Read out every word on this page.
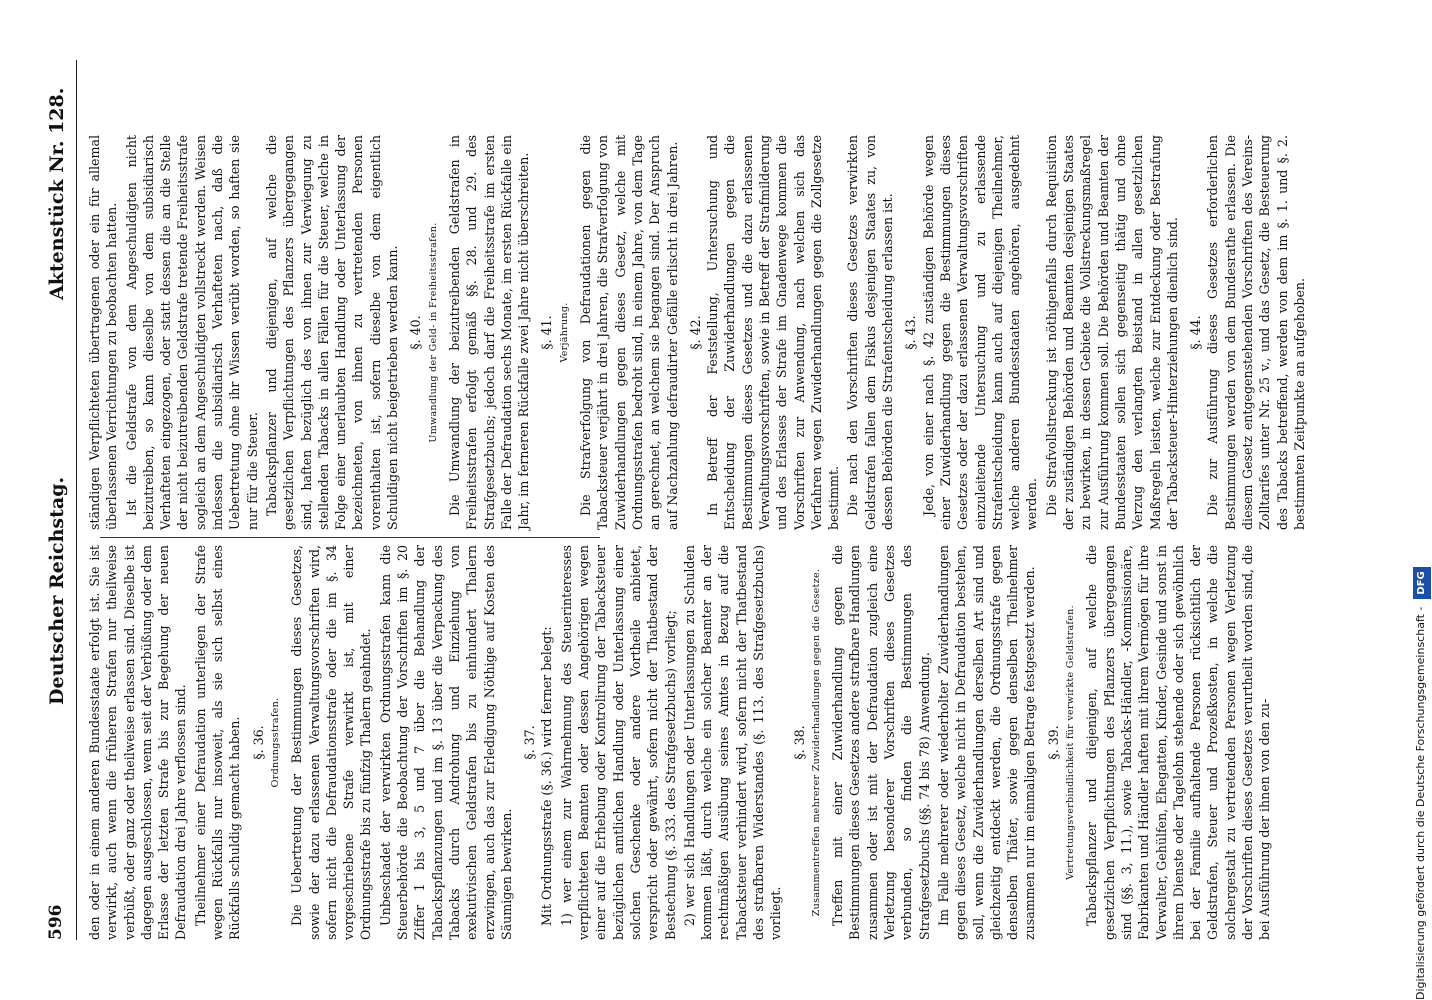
596
Deutscher Reichstag.
Aktenstück Nr. 128.

den oder in einem anderen Bundesstaate erfolgt ist. Sie ist verwirkt, auch wenn die früheren Strafen nur theilweise verbüßt, oder ganz oder theilweise erlassen sind. Dieselbe ist dagegen ausgeschlossen, wenn seit der Verbüßung oder dem Erlasse der letzten Strafe bis zur Begehung der neuen Defraudation drei Jahre verflossen sind. Theilnehmer einer Defraudation unterliegen der Strafe wegen Rückfalls nur insoweit, als sie sich selbst eines Rückfalls schuldig gemacht haben. §. 36. Ordnungsstrafen. Die Uebertretung der Bestimmungen dieses Gesetzes, sowie der dazu erlassenen Verwaltungsvorschriften wird, sofern nicht die Defraudationsstrafe oder die im §. 34 vorgeschriebene Strafe verwirkt ist, mit einer Ordnungsstrafe bis zu fünfzig Thalern geahndet. Unbeschadet der verwirkten Ordnungsstrafen kann die Steuerbehörde die Beobachtung der Vorschriften im §. 20 Ziffer 1 bis 3, 5 und 7 über die Behandlung der Tabackspflanzungen und im §. 13 über die Verpackung des Tabacks durch Androhung und Einziehung von exekutivischen Geldstrafen bis zu einhundert Thalern erzwingen, auch das zur Erledigung Nöthige auf Kosten des Säumigen bewirken.

§. 37. Mit Ordnungsstrafe (§. 36.) wird ferner belegt: 1) wer einem zur Wahrnehmung des Steuerinteresses verpflichteten Beamten oder dessen Angehörigen wegen einer auf die Erhebung oder Kontrolirung der Tabacksteuer bezüglichen amtlichen Handlung oder Unterlassung einer solchen Geschenke oder andere Vortheile anbietet, verspricht oder gewährt, sofern nicht der Thatbestand der Bestechung (§. 333. des Strafgesetzbuchs) vorliegt; 2) wer sich Handlungen oder Unterlassungen zu Schulden kommen läßt, durch welche ein solcher Beamter an der rechtmäßigen Ausübung seines Amtes in Bezug auf die Tabacksteuer verhindert wird, sofern nicht der Thatbestand des strafbaren Widerstandes (§. 113. des Strafgesetzbuchs) vorliegt.

§. 38. Zusammentreffen mehrerer Zuwiderhandlungen gegen die Gesetze. Treffen mit einer Zuwiderhandlung gegen die Bestimmungen dieses Gesetzes andere strafbare Handlungen zusammen oder ist mit der Defraudation zugleich eine Verletzung besonderer Vorschriften dieses Gesetzes verbunden, so finden die Bestimmungen des Strafgesetzbuchs (§§. 74 bis 78) Anwendung. Im Falle mehrerer oder wiederholter Zuwiderhandlungen gegen dieses Gesetz, welche nicht in Defraudation bestehen, soll, wenn die Zuwiderhandlungen derselben Art sind und gleichzeitig entdeckt werden, die Ordnungsstrafe gegen denselben Thäter, sowie gegen denselben Theilnehmer zusammen nur im einmaligen Betrage festgesetzt werden. §. 39. Vertretungsverbindlichkeit für verwirkte Geldstrafen. Tabackspflanzer und diejenigen, auf welche die gesetzlichen Verpflichtungen des Pflanzers übergegangen sind (§§. 3, 11.), sowie Tabacks-Händler, -Kommissionäre, Fabrikanten und Händler haften mit ihrem Vermögen für ihre Verwalter, Gehülfen, Ehegatten, Kinder, Gesinde und sonst in ihrem Dienste oder Tagelohn stehende oder sich gewöhnlich bei der Familie aufhaltende Personen rücksichtlich der Geldstrafen, Steuer und Prozeßkosten, in welche die solchergestalt zu vertretenden Personen wegen Verletzung der Vorschriften dieses Gesetzes verurtheilt worden sind, die bei Ausführung der ihnen von den zu-

ständigen Verpflichteten übertragenen oder ein für allemal überlassenen Verrichtungen zu beobachten hatten. Ist die Geldstrafe von dem Angeschuldigten nicht beizutreiben, so kann dieselbe von dem subsidiarisch Verhafteten eingezogen, oder statt dessen die an die Stelle der nicht beizutreibenden Geldstrafe tretende Freiheitsstrafe sogleich an dem Angeschuldigten vollstreckt werden. Weisen indessen die subsidiarisch Verhafteten nach, daß die Uebertretung ohne ihr Wissen verübt worden, so haften sie nur für die Steuer. Tabackspflanzer und diejenigen, auf welche die gesetzlichen Verpflichtungen des Pflanzers übergegangen sind, haften bezüglich des von ihnen zur Verwiegung zu stellenden Tabacks in allen Fällen für die Steuer, welche in Folge einer unerlaubten Handlung oder Unterlassung der bezeichneten, von ihnen zu vertretenden Personen vorenthalten ist, sofern dieselbe von dem eigentlich Schuldigen nicht beigetrieben werden kann. §. 40. Umwandlung der Geld- in Freiheitsstrafen. Die Umwandlung der beizutreibenden Geldstrafen in Freiheitsstrafen erfolgt gemäß §§. 28. und 29. des Strafgesetzbuchs; jedoch darf die Freiheitsstrafe im ersten Falle der Defraudation sechs Monate, im ersten Rückfalle ein Jahr, im ferneren Rückfalle zwei Jahre nicht überschreiten. §. 41. Verjährung. Die Strafverfolgung von Defraudationen gegen die Tabacksteuer verjährt in drei Jahren, die Strafverfolgung von Zuwiderhandlungen gegen dieses Gesetz, welche mit Ordnungsstrafen bedroht sind, in einem Jahre, von dem Tage an gerechnet, an welchem sie begangen sind. Der Anspruch auf Nachzahlung defraudirter Gefälle erlischt in drei Jahren. §. 42. In Betreff der Feststellung, Untersuchung und Entscheidung der Zuwiderhandlungen gegen die Bestimmungen dieses Gesetzes und die dazu erlassenen Verwaltungsvorschriften, sowie in Betreff der Strafmilderung und des Erlasses der Strafe im Gnadenwege kommen die Vorschriften zur Anwendung, nach welchen sich das Verfahren wegen Zuwiderhandlungen gegen die Zollgesetze bestimmt. Die nach den Vorschriften dieses Gesetzes verwirkten Geldstrafen fallen dem Fiskus desjenigen Staates zu, von dessen Behörden die Strafentscheidung erlassen ist. §. 43. Jede, von einer nach §. 42 zuständigen Behörde wegen einer Zuwiderhandlung gegen die Bestimmungen dieses Gesetzes oder der dazu erlassenen Verwaltungsvorschriften einzuleitende Untersuchung und zu erlassende Strafentscheidung kann auch auf diejenigen Theilnehmer, welche anderen Bundesstaaten angehören, ausgedehnt werden. Die Strafvollstreckung ist nöthigenfalls durch Requisition der zuständigen Behörden und Beamten desjenigen Staates zu bewirken, in dessen Gebiete die Vollstreckungsmaßregel zur Ausführung kommen soll. Die Behörden und Beamten der Bundesstaaten sollen sich gegenseitig thätig und ohne Verzug den verlangten Beistand in allen gesetzlichen Maßregeln leisten, welche zur Entdeckung oder Bestrafung der Tabacksteuer-Hinterziehungen dienlich sind. §. 44. Die zur Ausführung dieses Gesetzes erforderlichen Bestimmungen werden von dem Bundesrathe erlassen. Die diesem Gesetz entgegenstehenden Vorschriften des Vereins-Zolltarifes unter Nr. 25 v., und das Gesetz, die Besteuerung des Tabacks betreffend, werden von dem im §. 1. und §. 2. bestimmten Zeitpunkte an aufgehoben.

Digitalisierung gefördert durch die Deutsche Forschungsgemeinschaft -DFG
